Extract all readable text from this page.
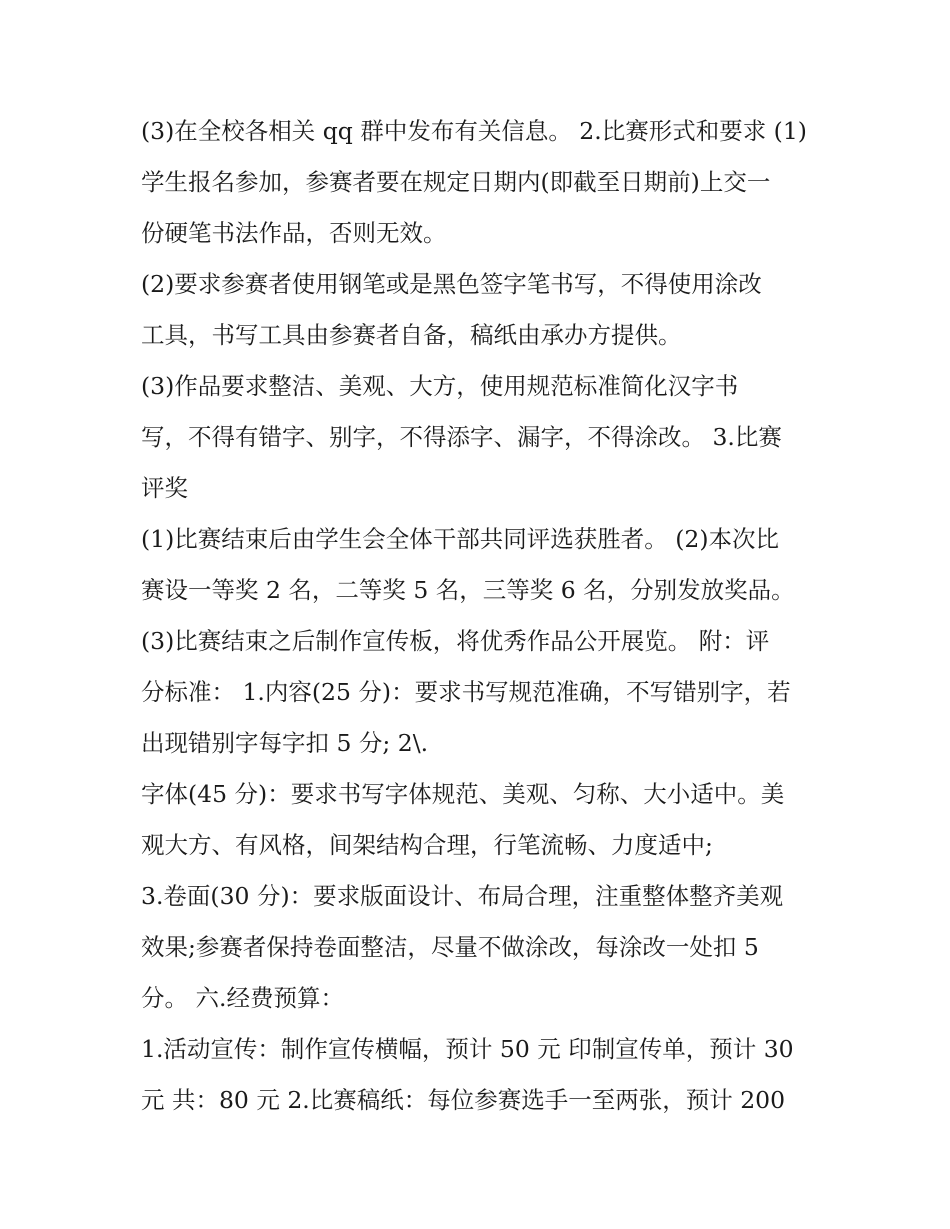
(3)在全校各相关 qq 群中发布有关信息。 2.比赛形式和要求 (1)
学生报名参加，参赛者要在规定日期内(即截至日期前)上交一
份硬笔书法作品，否则无效。
(2)要求参赛者使用钢笔或是黑色签字笔书写，不得使用涂改
工具，书写工具由参赛者自备，稿纸由承办方提供。
(3)作品要求整洁、美观、大方，使用规范标准简化汉字书
写，不得有错字、别字，不得添字、漏字，不得涂改。 3.比赛
评奖
(1)比赛结束后由学生会全体干部共同评选获胜者。 (2)本次比
赛设一等奖 2 名，二等奖 5 名，三等奖 6 名，分别发放奖品。
(3)比赛结束之后制作宣传板，将优秀作品公开展览。 附：评
分标准： 1.内容(25 分)：要求书写规范准确，不写错别字，若
出现错别字每字扣 5 分; 2\.
字体(45 分)：要求书写字体规范、美观、匀称、大小适中。美
观大方、有风格，间架结构合理，行笔流畅、力度适中;
3.卷面(30 分)：要求版面设计、布局合理，注重整体整齐美观
效果;参赛者保持卷面整洁，尽量不做涂改，每涂改一处扣 5
分。 六.经费预算：
1.活动宣传：制作宣传横幅，预计 50 元 印制宣传单，预计 30
元 共：80 元 2.比赛稿纸：每位参赛选手一至两张，预计 200
